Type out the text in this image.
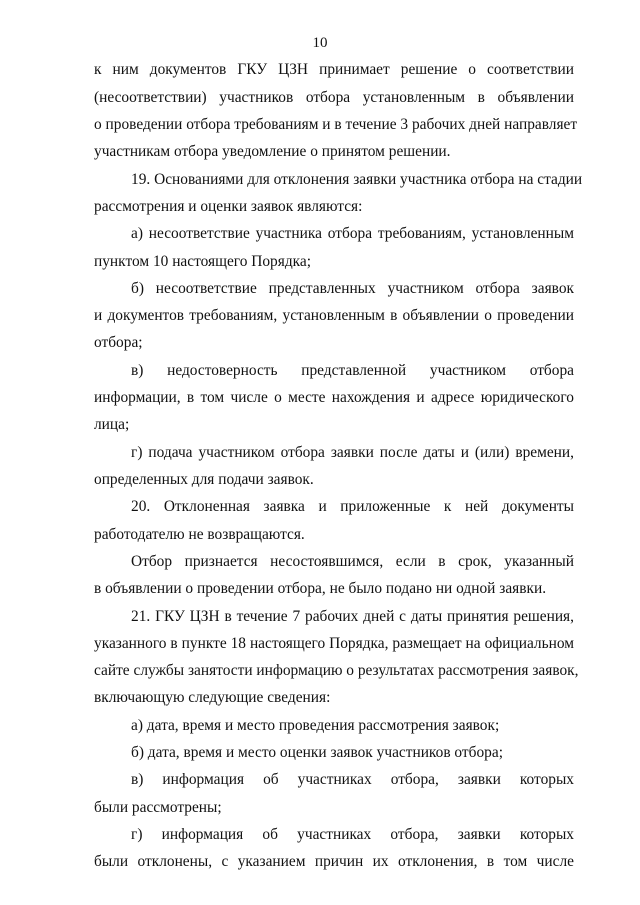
10
к ним документов ГКУ ЦЗН принимает решение о соответствии
(несоответствии) участников отбора установленным в объявлении
о проведении отбора требованиям и в течение 3 рабочих дней направляет
участникам отбора уведомление о принятом решении.
19. Основаниями для отклонения заявки участника отбора на стадии
рассмотрения и оценки заявок являются:
а) несоответствие участника отбора требованиям, установленным
пунктом 10 настоящего Порядка;
б) несоответствие представленных участником отбора заявок
и документов требованиям, установленным в объявлении о проведении
отбора;
в) недостоверность представленной участником отбора
информации, в том числе о месте нахождения и адресе юридического
лица;
г) подача участником отбора заявки после даты и (или) времени,
определенных для подачи заявок.
20. Отклоненная заявка и приложенные к ней документы
работодателю не возвращаются.
Отбор признается несостоявшимся, если в срок, указанный
в объявлении о проведении отбора, не было подано ни одной заявки.
21. ГКУ ЦЗН в течение 7 рабочих дней с даты принятия решения,
указанного в пункте 18 настоящего Порядка, размещает на официальном
сайте службы занятости информацию о результатах рассмотрения заявок,
включающую следующие сведения:
а) дата, время и место проведения рассмотрения заявок;
б) дата, время и место оценки заявок участников отбора;
в) информация об участниках отбора, заявки которых
были рассмотрены;
г) информация об участниках отбора, заявки которых
были отклонены, с указанием причин их отклонения, в том числе
